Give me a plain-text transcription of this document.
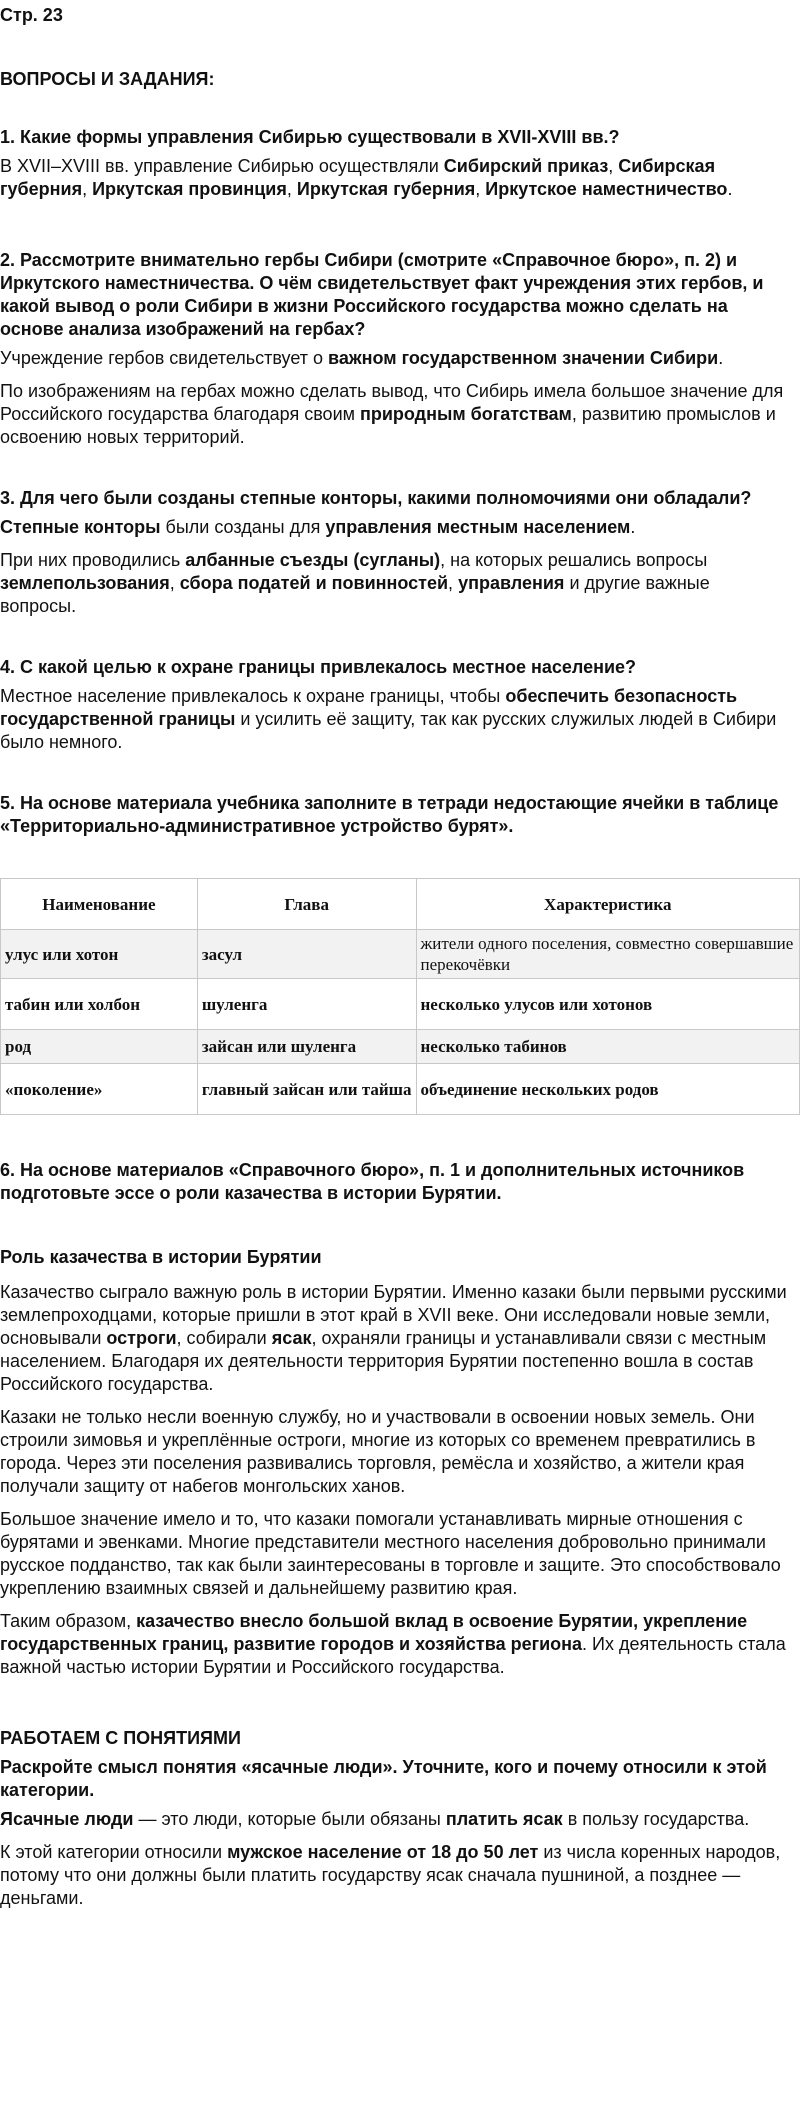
Стр. 23
ВОПРОСЫ И ЗАДАНИЯ:
1. Какие формы управления Сибирью существовали в XVII-XVIII вв.?
В XVII–XVIII вв. управление Сибирью осуществляли Сибирский приказ, Сибирская губерния, Иркутская провинция, Иркутская губерния, Иркутское наместничество.
2. Рассмотрите внимательно гербы Сибири (смотрите «Справочное бюро», п. 2) и Иркутского наместничества. О чём свидетельствует факт учреждения этих гербов, и какой вывод о роли Сибири в жизни Российского государства можно сделать на основе анализа изображений на гербах?
Учреждение гербов свидетельствует о важном государственном значении Сибири.
По изображениям на гербах можно сделать вывод, что Сибирь имела большое значение для Российского государства благодаря своим природным богатствам, развитию промыслов и освоению новых территорий.
3. Для чего были созданы степные конторы, какими полномочиями они обладали?
Степные конторы были созданы для управления местным населением.
При них проводились албанные съезды (сугланы), на которых решались вопросы землепользования, сбора податей и повинностей, управления и другие важные вопросы.
4. С какой целью к охране границы привлекалось местное население?
Местное население привлекалось к охране границы, чтобы обеспечить безопасность государственной границы и усилить её защиту, так как русских служилых людей в Сибири было немного.
5. На основе материала учебника заполните в тетради недостающие ячейки в таблице «Территориально-административное устройство бурят».
Наименование	Глава	Характеристика
улус или хотон	засул	жители одного поселения, совместно совершавшие перекочёвки
табин или холбон	шуленга	несколько улусов или хотонов
род	зайсан или шуленга	несколько табинов
«поколение»	главный зайсан или тайша	объединение нескольких родов
6. На основе материалов «Справочного бюро», п. 1 и дополнительных источников подготовьте эссе о роли казачества в истории Бурятии.
Роль казачества в истории Бурятии
Казачество сыграло важную роль в истории Бурятии. Именно казаки были первыми русскими землепроходцами, которые пришли в этот край в XVII веке. Они исследовали новые земли, основывали остроги, собирали ясак, охраняли границы и устанавливали связи с местным населением. Благодаря их деятельности территория Бурятии постепенно вошла в состав Российского государства.
Казаки не только несли военную службу, но и участвовали в освоении новых земель. Они строили зимовья и укреплённые остроги, многие из которых со временем превратились в города. Через эти поселения развивались торговля, ремёсла и хозяйство, а жители края получали защиту от набегов монгольских ханов.
Большое значение имело и то, что казаки помогали устанавливать мирные отношения с бурятами и эвенками. Многие представители местного населения добровольно принимали русское подданство, так как были заинтересованы в торговле и защите. Это способствовало укреплению взаимных связей и дальнейшему развитию края.
Таким образом, казачество внесло большой вклад в освоение Бурятии, укрепление государственных границ, развитие городов и хозяйства региона. Их деятельность стала важной частью истории Бурятии и Российского государства.
РАБОТАЕМ С ПОНЯТИЯМИ
Раскройте смысл понятия «ясачные люди». Уточните, кого и почему относили к этой категории.
Ясачные люди — это люди, которые были обязаны платить ясак в пользу государства.
К этой категории относили мужское население от 18 до 50 лет из числа коренных народов, потому что они должны были платить государству ясак сначала пушниной, а позднее — деньгами.
